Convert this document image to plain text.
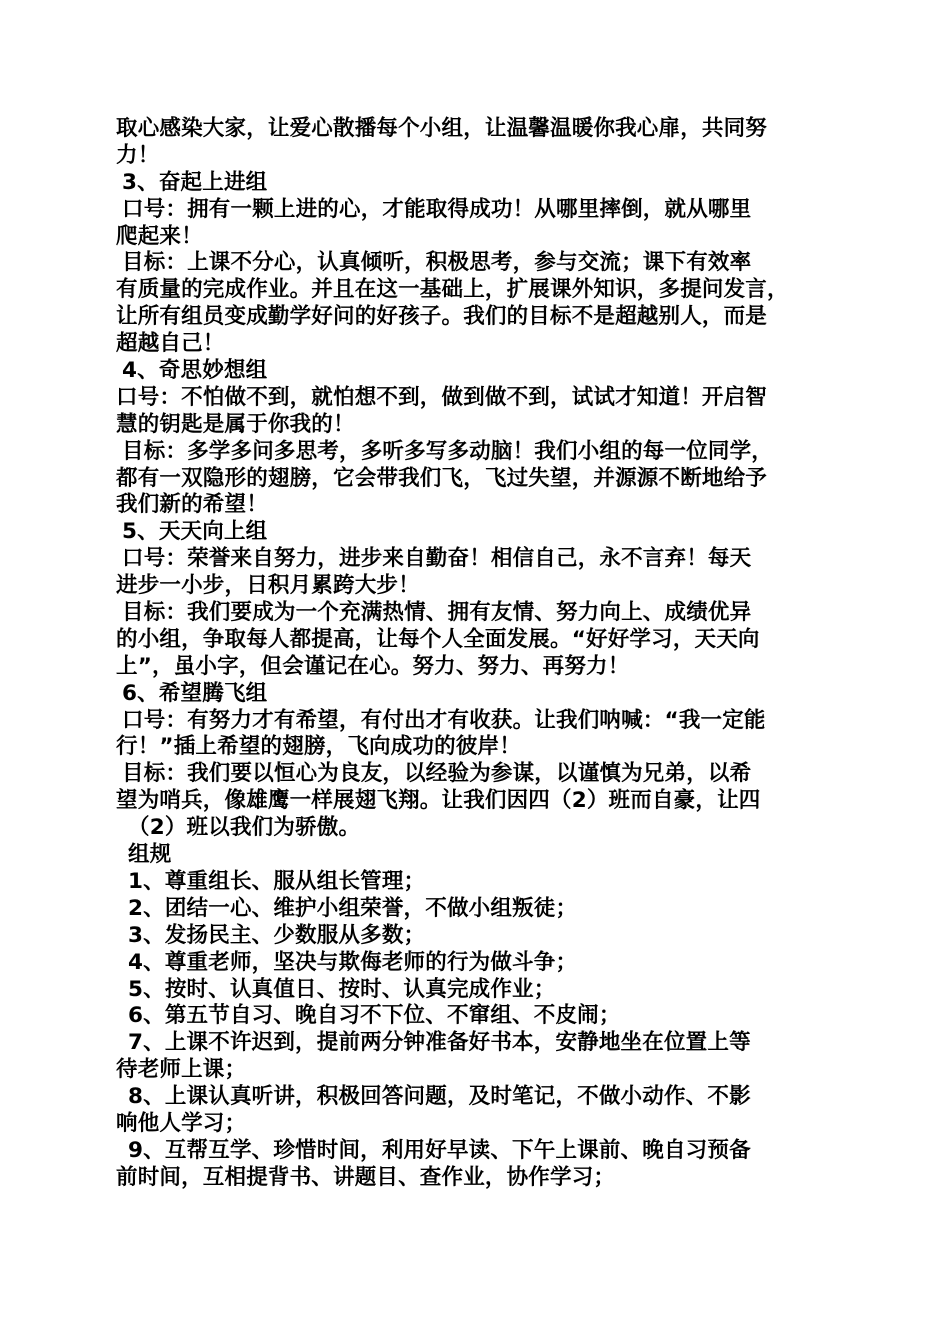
取心感染大家，让爱心散播每个小组，让温馨温暖你我心扉，共同努
力！
3、奋起上进组
口号：拥有一颗上进的心，才能取得成功！从哪里摔倒，就从哪里
爬起来！
目标：上课不分心，认真倾听，积极思考，参与交流；课下有效率
有质量的完成作业。并且在这一基础上，扩展课外知识，多提问发言，
让所有组员变成勤学好问的好孩子。我们的目标不是超越别人，而是
超越自己！
4、奇思妙想组
口号：不怕做不到，就怕想不到，做到做不到，试试才知道！开启智
慧的钥匙是属于你我的！
目标：多学多问多思考，多听多写多动脑！我们小组的每一位同学，
都有一双隐形的翅膀，它会带我们飞，飞过失望，并源源不断地给予
我们新的希望！
5、天天向上组
口号：荣誉来自努力，进步来自勤奋！相信自己，永不言弃！每天
进步一小步，日积月累跨大步！
目标：我们要成为一个充满热情、拥有友情、努力向上、成绩优异
的小组，争取每人都提高，让每个人全面发展。“好好学习，天天向
上”，虽小字，但会谨记在心。努力、努力、再努力！
6、希望腾飞组
口号：有努力才有希望，有付出才有收获。让我们呐喊：“我一定能
行！”插上希望的翅膀，飞向成功的彼岸！
目标：我们要以恒心为良友，以经验为参谋，以谨慎为兄弟，以希
望为哨兵，像雄鹰一样展翅飞翔。让我们因四（2）班而自豪，让四
（2）班以我们为骄傲。
组规
1、尊重组长、服从组长管理；
2、团结一心、维护小组荣誉，不做小组叛徒；
3、发扬民主、少数服从多数；
4、尊重老师，坚决与欺侮老师的行为做斗争；
5、按时、认真值日、按时、认真完成作业；
6、第五节自习、晚自习不下位、不窜组、不皮闹；
7、上课不许迟到，提前两分钟准备好书本，安静地坐在位置上等
待老师上课；
8、上课认真听讲，积极回答问题，及时笔记，不做小动作、不影
响他人学习；
9、互帮互学、珍惜时间，利用好早读、下午上课前、晚自习预备
前时间，互相提背书、讲题目、查作业，协作学习；
